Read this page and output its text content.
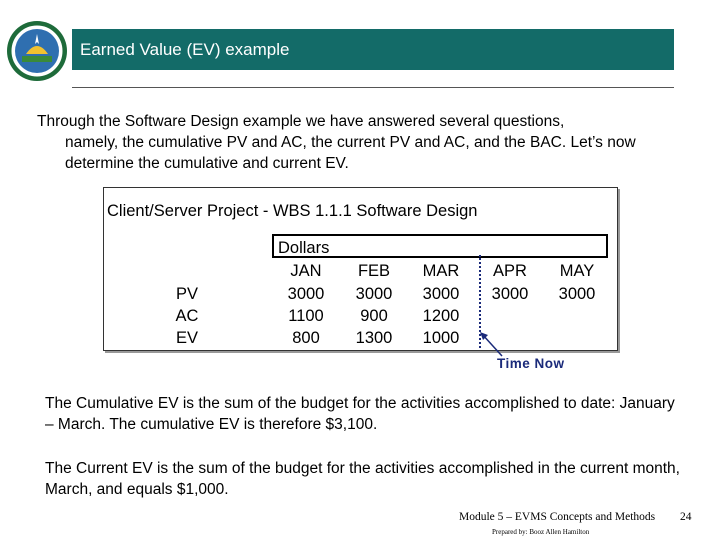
Earned Value (EV) example
Through the Software Design example we have answered several questions,
namely, the cumulative PV and AC, the current PV and AC, and the BAC. Let’s now determine the cumulative and current EV.
Client/Server Project - WBS 1.1.1 Software Design
Dollars
JAN	FEB	MAR	APR	MAY
PV	3000	3000	3000	3000	3000
AC	1100	900	1200
EV	800	1300	1000
Time Now
The Cumulative EV is the sum of the budget for the activities accomplished to date: January – March. The cumulative EV is therefore $3,100.
The Current EV is the sum of the budget for the activities accomplished in the current month, March, and equals $1,000.
Module 5 – EVMS Concepts and Methods
Prepared by: Booz Allen Hamilton
24
